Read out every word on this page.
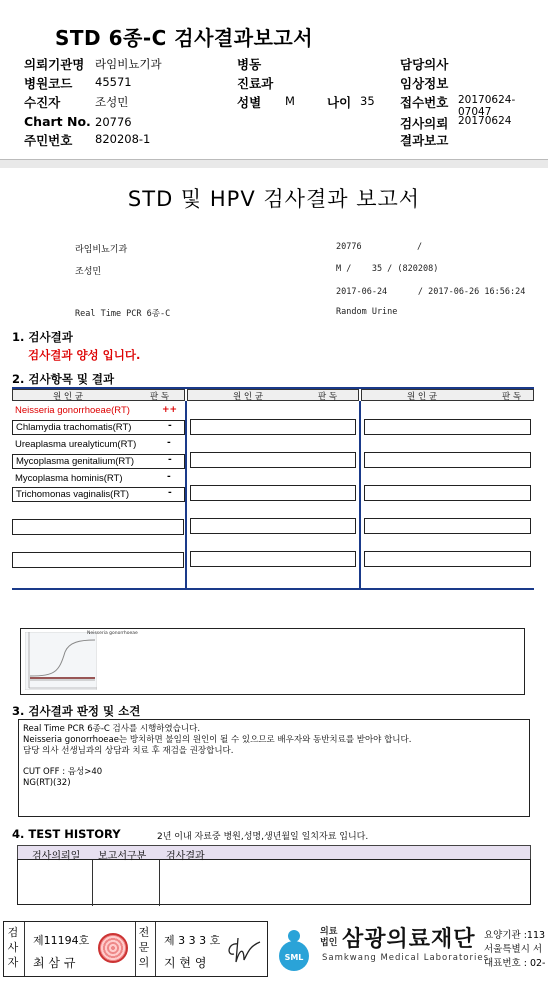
STD 6종-C 검사결과보고서
의뢰기관명 라임비뇨기과	병동	담당의사
병원코드 45571	진료과	임상정보
수진자	조성민	성별 M	나이 35 접수번호 20170624-07047
Chart No. 20776	검사의뢰 20170624
주민번호 820208-1	결과보고
STD 및 HPV 검사결과 보고서
라임비뇨기과	20776	/
조성민	M /    35 / (820208)
2017-06-24      / 2017-06-26 16:56:24
Real Time PCR 6종-C	Random Urine
1. 검사결과
검사결과 양성 입니다.
2. 검사항목 및 결과
원 인 균	판 독	원 인 균	판 독	원 인 균	판 독
Neisseria gonorrhoeae(RT)	++
Chlamydia trachomatis(RT)	-
Ureaplasma urealyticum(RT)	-
Mycoplasma genitalium(RT)	-
Mycoplasma hominis(RT)	-
Trichomonas vaginalis(RT)	-
Neisseria gonorrhoeae
3. 검사결과 판정 및 소견
Real Time PCR 6종-C 검사를 시행하였습니다.
Neisseria gonorrhoeae는 방치하면 불임의 원인이 될 수 있으므로 배우자와 동반치료를 받아야 합니다.
담당 의사 선생님과의 상담과 치료 후 재검을 권장합니다.
CUT OFF : 음성>40
NG(RT)(32)
4. TEST HISTORY	2년 이내 자료중 병원,성명,생년월일 일치자료 입니다.
검사의뢰일 보고서구분 검사결과
검사자
제11194호
최 삼 규
전문의
제 3 3 3 호
지 현 영	SML
의료
법인 삼광의료재단
Samkwang Medical Laboratories
요양기관 :113
서울특별시 서
대표번호 : 02-
